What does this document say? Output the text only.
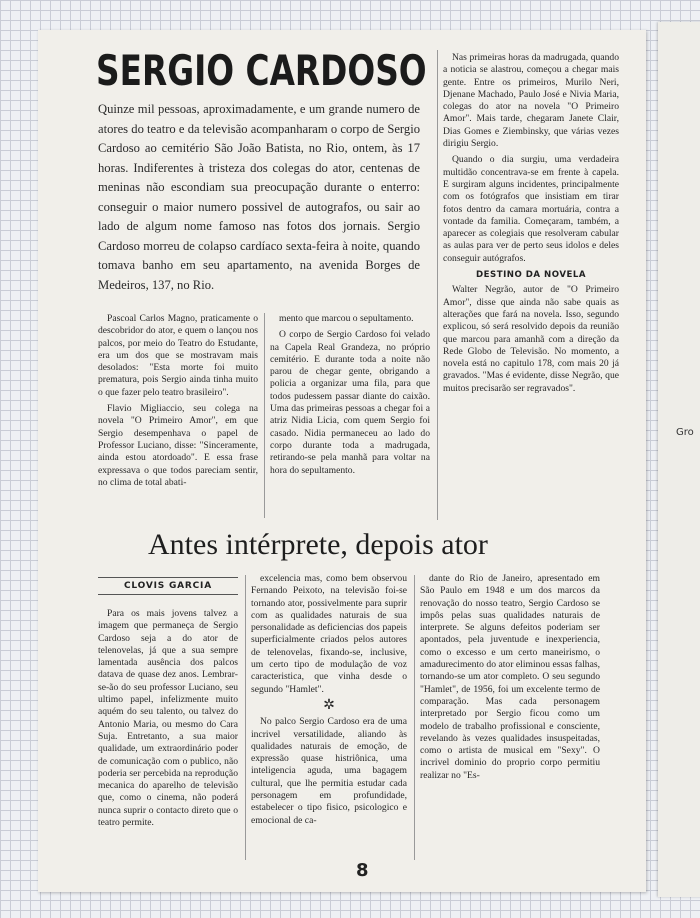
Gro
SERGIO CARDOSO

Quinze mil pessoas, aproximadamente, e um grande numero de atores do teatro e da televisão acompanharam o corpo de Sergio Cardoso ao cemitério São João Batista, no Rio, ontem, às 17 horas. Indiferentes à tristeza dos colegas do ator, centenas de meninas não escondiam sua preocupação durante o enterro: conseguir o maior numero possivel de autografos, ou sair ao lado de algum nome famoso nas fotos dos jornais. Sergio Cardoso morreu de colapso cardíaco sexta-feira à noite, quando tomava banho em seu apartamento, na avenida Borges de Medeiros, 137, no Rio.

Pascoal Carlos Magno, praticamente o descobridor do ator, e quem o lançou nos palcos, por meio do Teatro do Estudante, era um dos que se mostravam mais desolados: "Esta morte foi muito prematura, pois Sergio ainda tinha muito o que fazer pelo teatro brasileiro".

Flavio Migliaccio, seu colega na novela "O Primeiro Amor", em que Sergio desempenhava o papel de Professor Luciano, disse: "Sinceramente, ainda estou atordoado". E essa frase expressava o que todos pareciam sentir, no clima de total abati-

mento que marcou o sepultamento.

O corpo de Sergio Cardoso foi velado na Capela Real Grandeza, no próprio cemitério. E durante toda a noite não parou de chegar gente, obrigando a policia a organizar uma fila, para que todos pudessem passar diante do caixão. Uma das primeiras pessoas a chegar foi a atriz Nidia Licia, com quem Sergio foi casado. Nidia permaneceu ao lado do corpo durante toda a madrugada, retirando-se pela manhã para voltar na hora do sepultamento.

Nas primeiras horas da madrugada, quando a noticia se alastrou, começou a chegar mais gente. Entre os primeiros, Murilo Neri, Djenane Machado, Paulo José e Nivia Maria, colegas do ator na novela "O Primeiro Amor". Mais tarde, chegaram Janete Clair, Dias Gomes e Ziembinsky, que várias vezes dirigiu Sergio.

Quando o dia surgiu, uma verdadeira multidão concentrava-se em frente à capela. E surgiram alguns incidentes, principalmente com os fotógrafos que insistiam em tirar fotos dentro da camara mortuária, contra a vontade da familia. Começaram, também, a aparecer as colegiais que resolveram cabular as aulas para ver de perto seus idolos e deles conseguir autógrafos.

DESTINO DA NOVELA

Walter Negrão, autor de "O Primeiro Amor", disse que ainda não sabe quais as alterações que fará na novela. Isso, segundo explicou, só será resolvido depois da reunião que marcou para amanhã com a direção da Rede Globo de Televisão. No momento, a novela está no capitulo 178, com mais 20 já gravados. "Mas é evidente, disse Negrão, que muitos precisarão ser regravados".

Antes intérprete, depois ator
CLOVIS GARCIA

Para os mais jovens talvez a imagem que permaneça de Sergio Cardoso seja a do ator de telenovelas, já que a sua sempre lamentada ausência dos palcos datava de quase dez anos. Lembrar-se-ão do seu professor Luciano, seu ultimo papel, infelizmente muito aquém do seu talento, ou talvez do Antonio Maria, ou mesmo do Cara Suja. Entretanto, a sua maior qualidade, um extraordinário poder de comunicação com o publico, não poderia ser percebida na reprodução mecanica do aparelho de televisão que, como o cinema, não poderá nunca suprir o contacto direto que o teatro permite.

excelencia mas, como bem observou Fernando Peixoto, na televisão foi-se tornando ator, possivelmente para suprir com as qualidades naturais de sua personalidade as deficiencias dos papeis superficialmente criados pelos autores de telenovelas, fixando-se, inclusive, um certo tipo de modulação de voz caracteristica, que vinha desde o segundo "Hamlet".

✲

No palco Sergio Cardoso era de uma incrivel versatilidade, aliando às qualidades naturais de emoção, de expressão quase histriônica, uma inteligencia aguda, uma bagagem cultural, que lhe permitia estudar cada personagem em profundidade, estabelecer o tipo fisico, psicologico e emocional de ca-

dante do Rio de Janeiro, apresentado em São Paulo em 1948 e um dos marcos da renovação do nosso teatro, Sergio Cardoso se impôs pelas suas qualidades naturais de interprete. Se alguns defeitos poderiam ser apontados, pela juventude e inexperiencia, como o excesso e um certo maneirismo, o amadurecimento do ator eliminou essas falhas, tornando-se um ator completo. O seu segundo "Hamlet", de 1956, foi um excelente termo de comparação. Mas cada personagem interpretado por Sergio ficou como um modelo de trabalho profissional e consciente, revelando às vezes qualidades insuspeitadas, como o artista de musical em "Sexy". O incrivel dominio do proprio corpo permitiu realizar no "Es-

8
